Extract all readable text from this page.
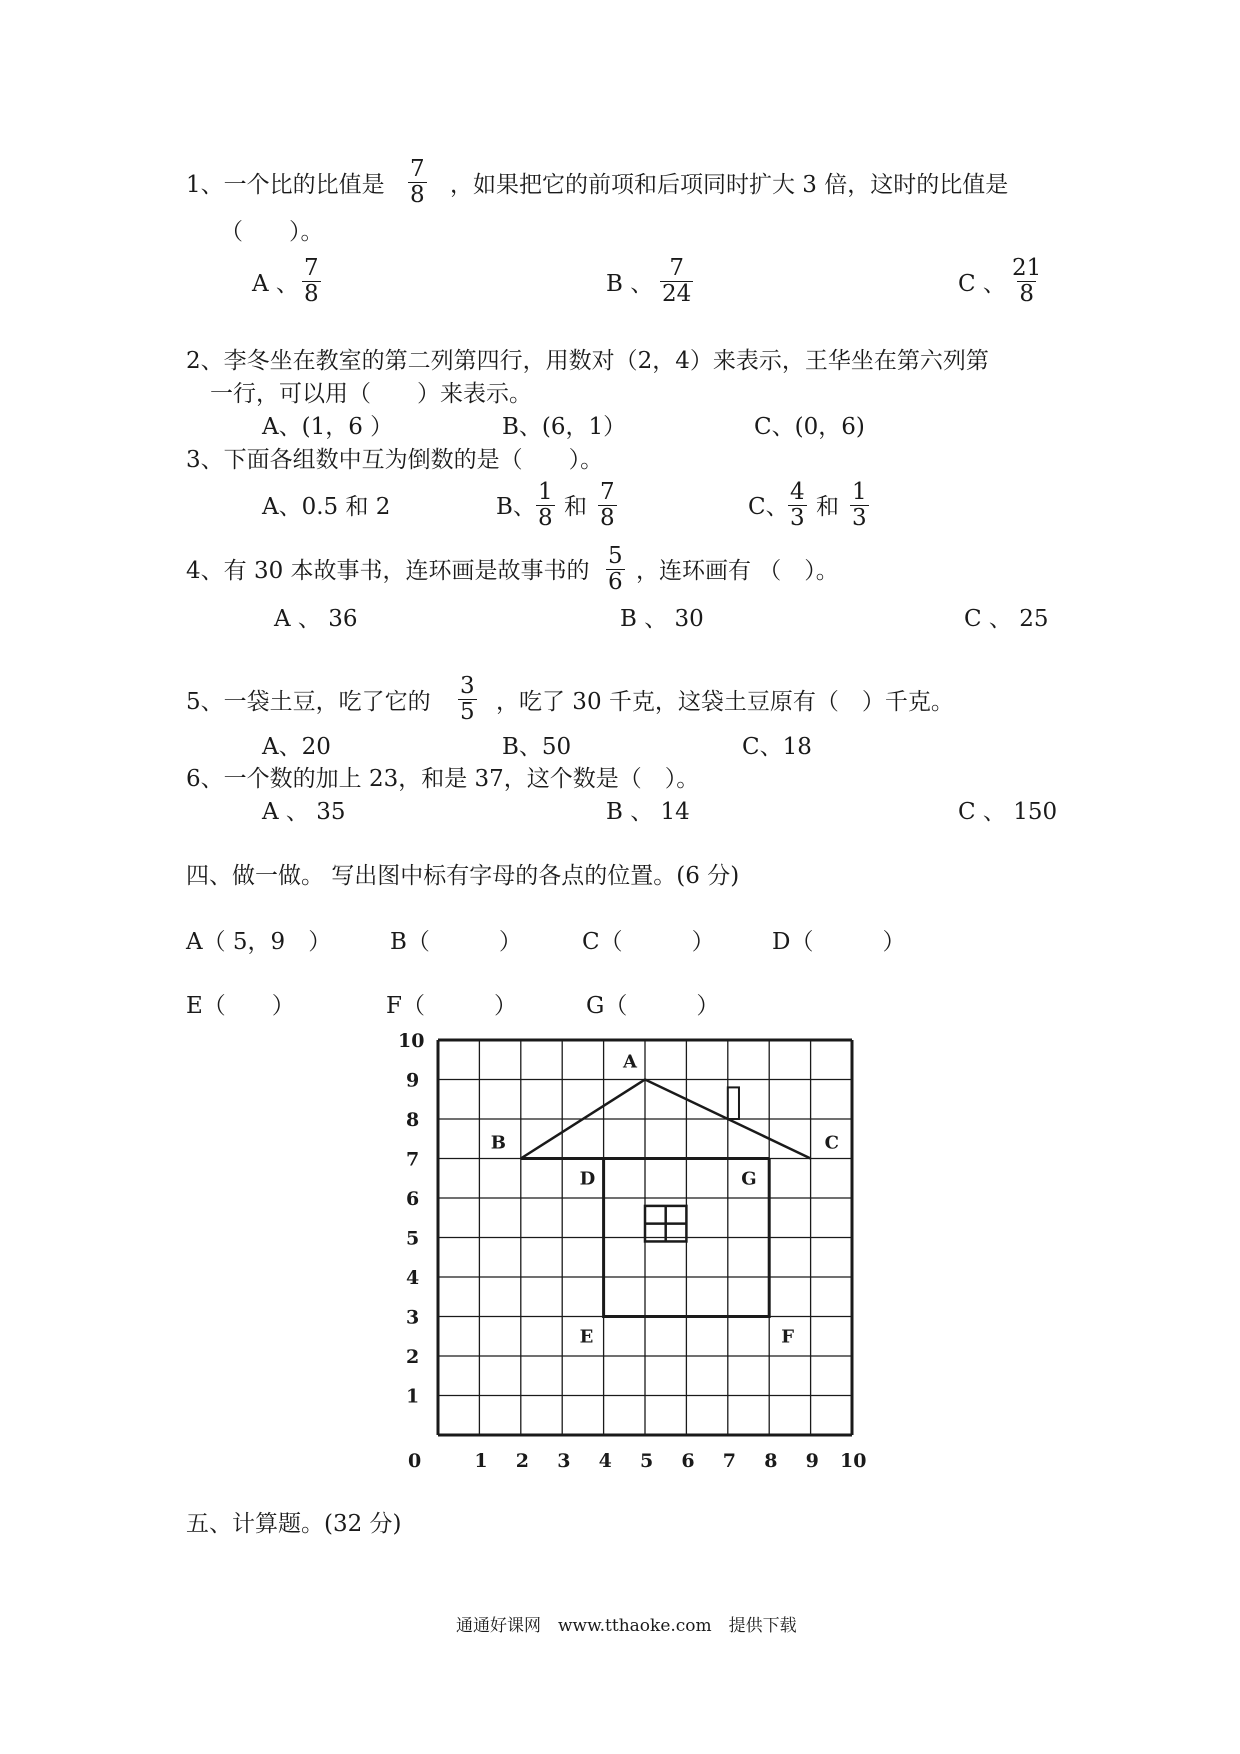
1、一个比的比值是 $\frac{7}{8}$ ，如果把它的前项和后项同时扩大 3 倍，这时的比值是
（　　）。
A 、 $\frac{7}{8}$	B 、 $\frac{7}{24}$	C 、 $\frac{21}{8}$
2、李冬坐在教室的第二列第四行，用数对（2，4）来表示，王华坐在第六列第
一行，可以用（　　）来表示。
A、(1，6 ）	B、(6，1）	C、(0，6)
3、下面各组数中互为倒数的是（　　）。
A、0.5 和 2	B、 $\frac{1}{8}$ 和 $\frac{7}{8}$	C、 $\frac{4}{3}$ 和 $\frac{1}{3}$
4、有 30 本故事书，连环画是故事书的 $\frac{5}{6}$ ，连环画有 （　）。
A 、 36	B 、 30	C 、 25
5、一袋土豆，吃了它的 $\frac{3}{5}$ ，吃了 30 千克，这袋土豆原有（　）千克。
A、20	B、50	C、18
6、一个数的加上 23，和是 37，这个数是（　）。
A 、 35	B 、 14	C 、 150
四、做一做。 写出图中标有字母的各点的位置。(6 分)
A（ 5，9　）	B（　　　）	C（　　　） D（　　　）
E（　　）	F（　　　）	G（　　　）
0	1 2 3 4 5 6 7 8 9 10
1
2
3
4
5
6
7
8
9
10
A
B	C
D	G
E	F
五、计算题。(32 分)
通通好课网　www.tthaoke.com　提供下载
